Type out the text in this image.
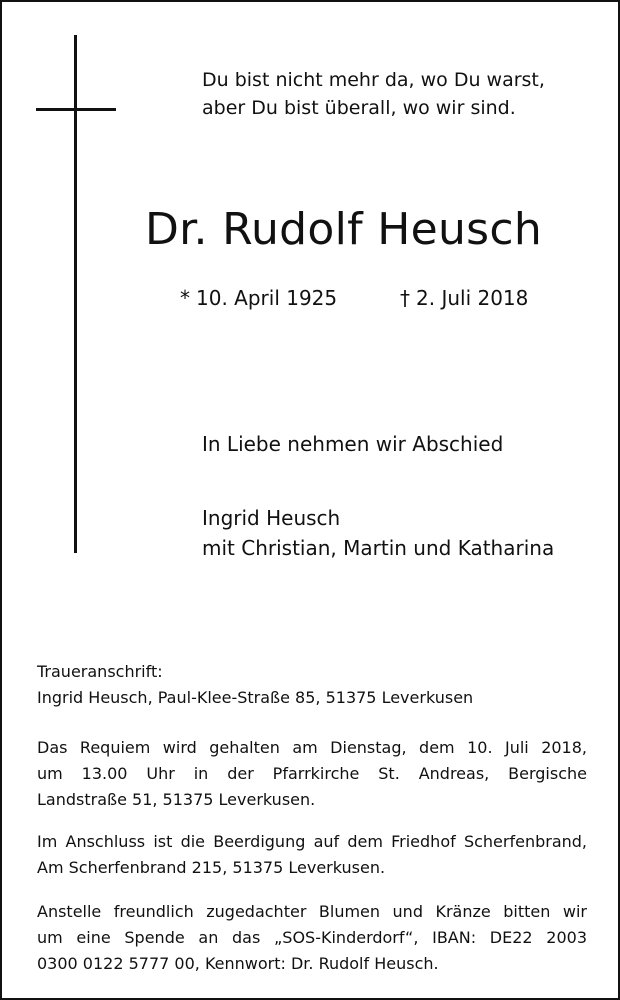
Du bist nicht mehr da, wo Du warst,
aber Du bist überall, wo wir sind.
Dr. Rudolf Heusch
* 10. April 1925	† 2. Juli 2018
In Liebe nehmen wir Abschied
Ingrid Heusch
mit Christian, Martin und Katharina
Traueranschrift:
Ingrid Heusch, Paul-Klee-Straße 85, 51375 Leverkusen
Das Requiem wird gehalten am Dienstag, dem 10. Juli 2018,
um 13.00 Uhr in der Pfarrkirche St. Andreas, Bergische
Landstraße 51, 51375 Leverkusen.
Im Anschluss ist die Beerdigung auf dem Friedhof Scherfenbrand,
Am Scherfenbrand 215, 51375 Leverkusen.
Anstelle freundlich zugedachter Blumen und Kränze bitten wir
um eine Spende an das „SOS-Kinderdorf“, IBAN: DE22 2003
0300 0122 5777 00, Kennwort: Dr. Rudolf Heusch.
